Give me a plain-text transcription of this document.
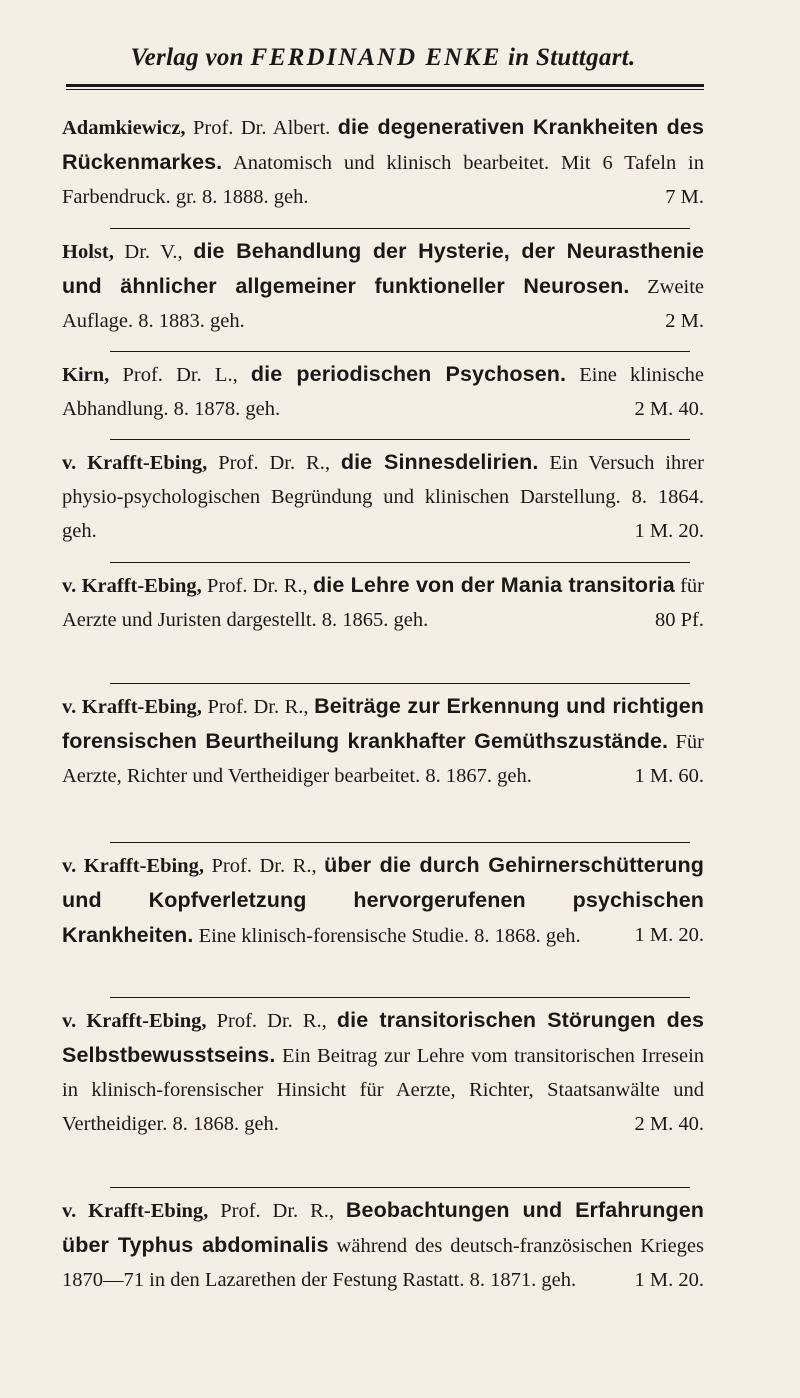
Verlag von FERDINAND ENKE in Stuttgart.
Adamkiewicz, Prof. Dr. Albert. die degenerativen Krankheiten des Rückenmarkes. Anatomisch und klinisch bearbeitet. Mit 6 Tafeln in Farbendruck. gr. 8. 1888. geh.	7 M.
Holst, Dr. V., die Behandlung der Hysterie, der Neurasthenie und ähnlicher allgemeiner funktioneller Neurosen. Zweite Auflage. 8. 1883. geh.	2 M.
Kirn, Prof. Dr. L., die periodischen Psychosen. Eine klinische Abhandlung. 8. 1878. geh.	2 M. 40.
v. Krafft-Ebing, Prof. Dr. R., die Sinnesdelirien. Ein Versuch ihrer physio-psychologischen Begründung und klinischen Darstellung. 8. 1864. geh.	1 M. 20.
v. Krafft-Ebing, Prof. Dr. R., die Lehre von der Mania transitoria für Aerzte und Juristen dargestellt. 8. 1865. geh.	80 Pf.
v. Krafft-Ebing, Prof. Dr. R., Beiträge zur Erkennung und richtigen forensischen Beurtheilung krankhafter Gemüthszustände. Für Aerzte, Richter und Vertheidiger bearbeitet. 8. 1867. geh.	1 M. 60.
v. Krafft-Ebing, Prof. Dr. R., über die durch Gehirnerschütterung und Kopfverletzung hervorgerufenen psychischen Krankheiten. Eine klinisch-forensische Studie. 8. 1868. geh.	1 M. 20.
v. Krafft-Ebing, Prof. Dr. R., die transitorischen Störungen des Selbstbewusstseins. Ein Beitrag zur Lehre vom transitorischen Irresein in klinisch-forensischer Hinsicht für Aerzte, Richter, Staatsanwälte und Vertheidiger. 8. 1868. geh.	2 M. 40.
v. Krafft-Ebing, Prof. Dr. R., Beobachtungen und Erfahrungen über Typhus abdominalis während des deutsch-französischen Krieges 1870—71 in den Lazarethen der Festung Rastatt. 8. 1871. geh.	1 M. 20.
